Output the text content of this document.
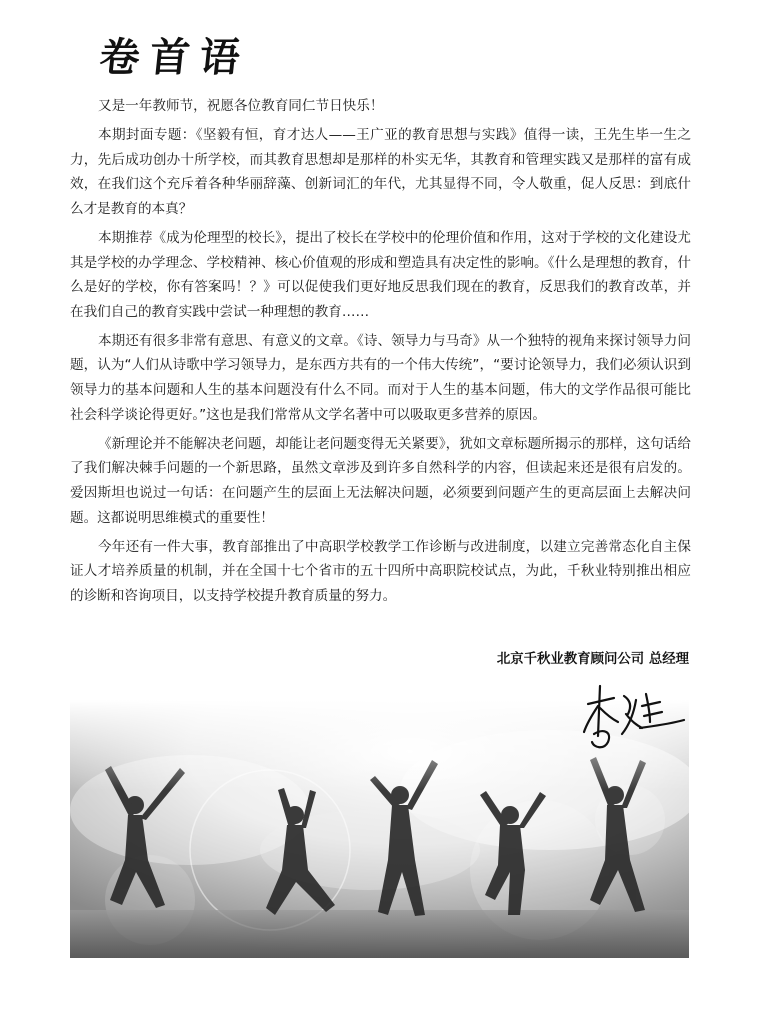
卷首语

又是一年教师节，祝愿各位教育同仁节日快乐！

本期封面专题：《坚毅有恒，育才达人——王广亚的教育思想与实践》值得一读，王先生毕一生之力，先后成功创办十所学校，而其教育思想却是那样的朴实无华，其教育和管理实践又是那样的富有成效，在我们这个充斥着各种华丽辞藻、创新词汇的年代，尤其显得不同，令人敬重，促人反思：到底什么才是教育的本真？

本期推荐《成为伦理型的校长》，提出了校长在学校中的伦理价值和作用，这对于学校的文化建设尤其是学校的办学理念、学校精神、核心价值观的形成和塑造具有决定性的影响。《什么是理想的教育，什么是好的学校，你有答案吗！？》可以促使我们更好地反思我们现在的教育，反思我们的教育改革，并在我们自己的教育实践中尝试一种理想的教育……

本期还有很多非常有意思、有意义的文章。《诗、领导力与马奇》从一个独特的视角来探讨领导力问题，认为“人们从诗歌中学习领导力，是东西方共有的一个伟大传统”，“要讨论领导力，我们必须认识到领导力的基本问题和人生的基本问题没有什么不同。而对于人生的基本问题，伟大的文学作品很可能比社会科学谈论得更好。”这也是我们常常从文学名著中可以吸取更多营养的原因。

《新理论并不能解决老问题，却能让老问题变得无关紧要》，犹如文章标题所揭示的那样，这句话给了我们解决棘手问题的一个新思路，虽然文章涉及到许多自然科学的内容，但读起来还是很有启发的。爱因斯坦也说过一句话：在问题产生的层面上无法解决问题，必须要到问题产生的更高层面上去解决问题。这都说明思维模式的重要性！

今年还有一件大事，教育部推出了中高职学校教学工作诊断与改进制度，以建立完善常态化自主保证人才培养质量的机制，并在全国十七个省市的五十四所中高职院校试点，为此，千秋业特别推出相应的诊断和咨询项目，以支持学校提升教育质量的努力。

北京千秋业教育顾问公司 总经理
